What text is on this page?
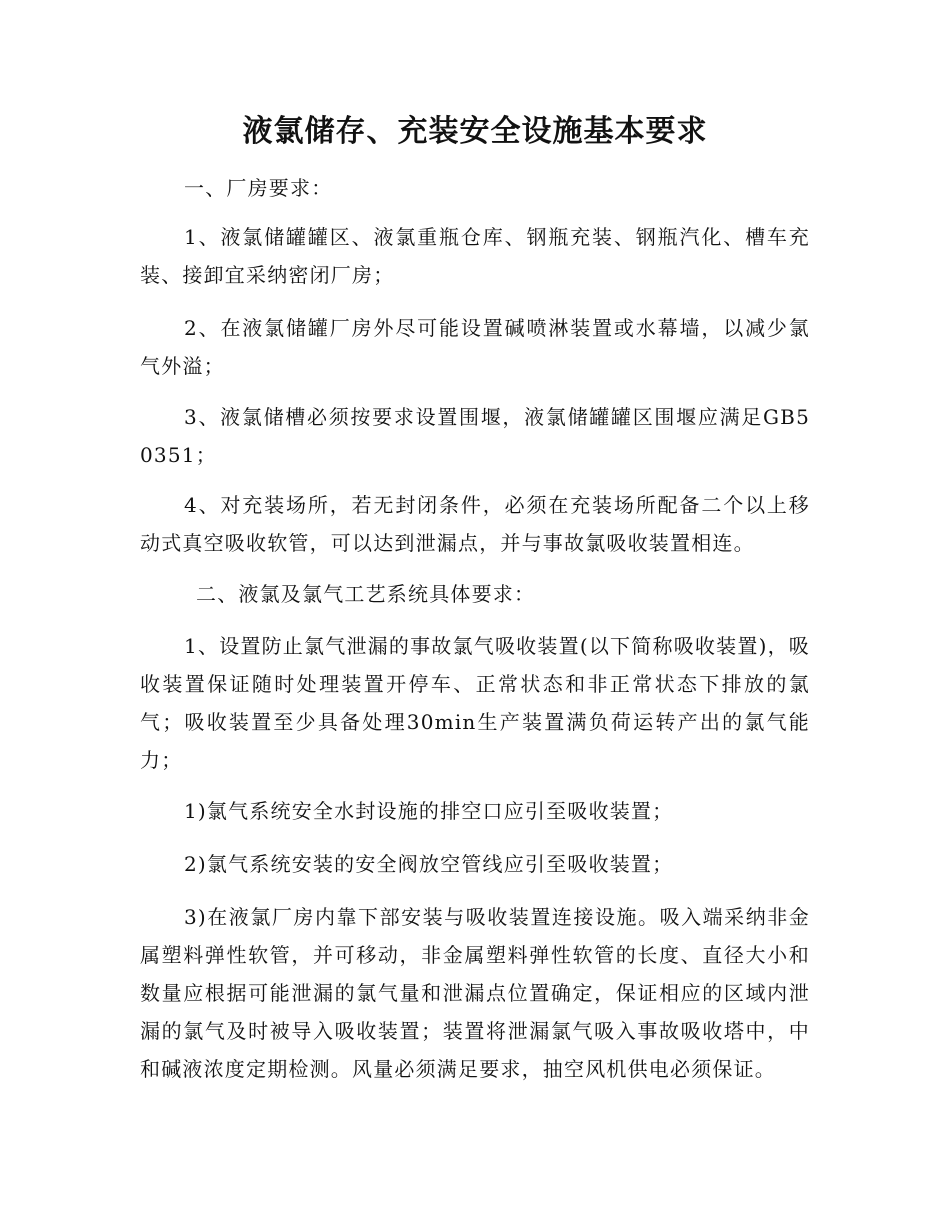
液氯储存、充装安全设施基本要求

一、厂房要求：

1、液氯储罐罐区、液氯重瓶仓库、钢瓶充装、钢瓶汽化、槽车充装、接卸宜采纳密闭厂房；

2、在液氯储罐厂房外尽可能设置碱喷淋装置或水幕墙，以减少氯气外溢；

3、液氯储槽必须按要求设置围堰，液氯储罐罐区围堰应满足GB50351；

4、对充装场所，若无封闭条件，必须在充装场所配备二个以上移动式真空吸收软管，可以达到泄漏点，并与事故氯吸收装置相连。

二、液氯及氯气工艺系统具体要求：

1、设置防止氯气泄漏的事故氯气吸收装置(以下简称吸收装置)，吸收装置保证随时处理装置开停车、正常状态和非正常状态下排放的氯气；吸收装置至少具备处理30min生产装置满负荷运转产出的氯气能力；

1)氯气系统安全水封设施的排空口应引至吸收装置；

2)氯气系统安装的安全阀放空管线应引至吸收装置；

3)在液氯厂房内靠下部安装与吸收装置连接设施。吸入端采纳非金属塑料弹性软管，并可移动，非金属塑料弹性软管的长度、直径大小和数量应根据可能泄漏的氯气量和泄漏点位置确定，保证相应的区域内泄漏的氯气及时被导入吸收装置；装置将泄漏氯气吸入事故吸收塔中，中和碱液浓度定期检测。风量必须满足要求，抽空风机供电必须保证。
